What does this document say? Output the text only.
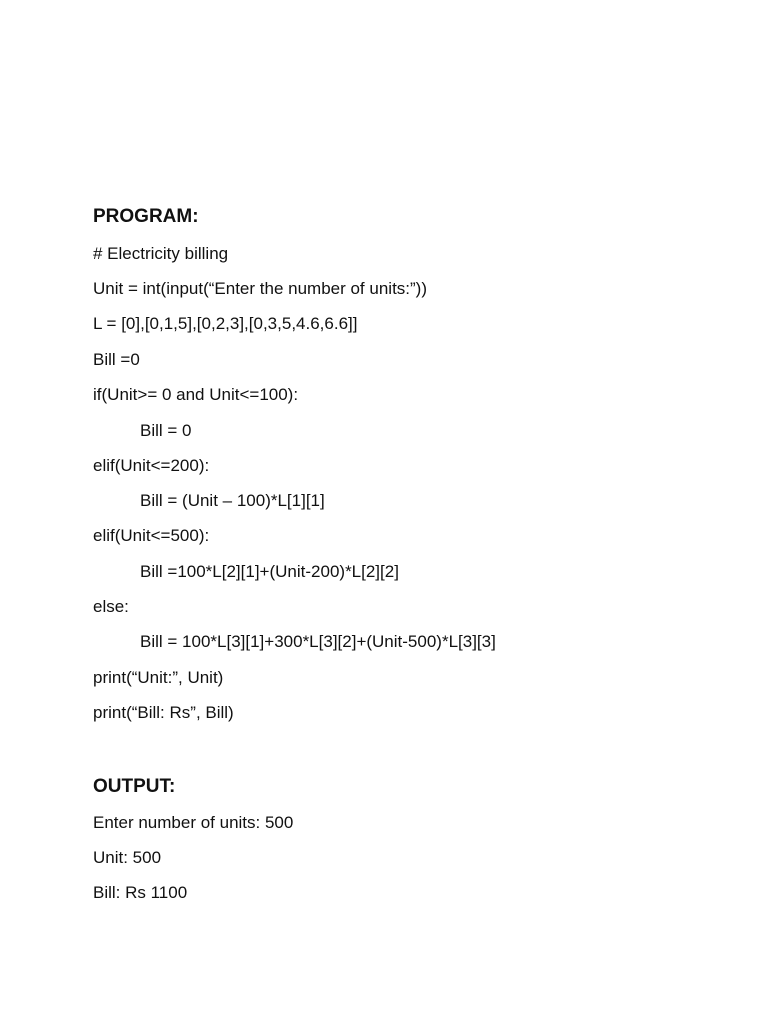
PROGRAM:
# Electricity billing
Unit = int(input(“Enter the number of units:”))
L = [0],[0,1,5],[0,2,3],[0,3,5,4.6,6.6]]
Bill =0
if(Unit>= 0 and Unit<=100):
Bill = 0
elif(Unit<=200):
Bill = (Unit – 100)*L[1][1]
elif(Unit<=500):
Bill =100*L[2][1]+(Unit-200)*L[2][2]
else:
Bill = 100*L[3][1]+300*L[3][2]+(Unit-500)*L[3][3]
print(“Unit:”, Unit)
print(“Bill: Rs”, Bill)
OUTPUT:
Enter number of units: 500
Unit: 500
Bill: Rs 1100
